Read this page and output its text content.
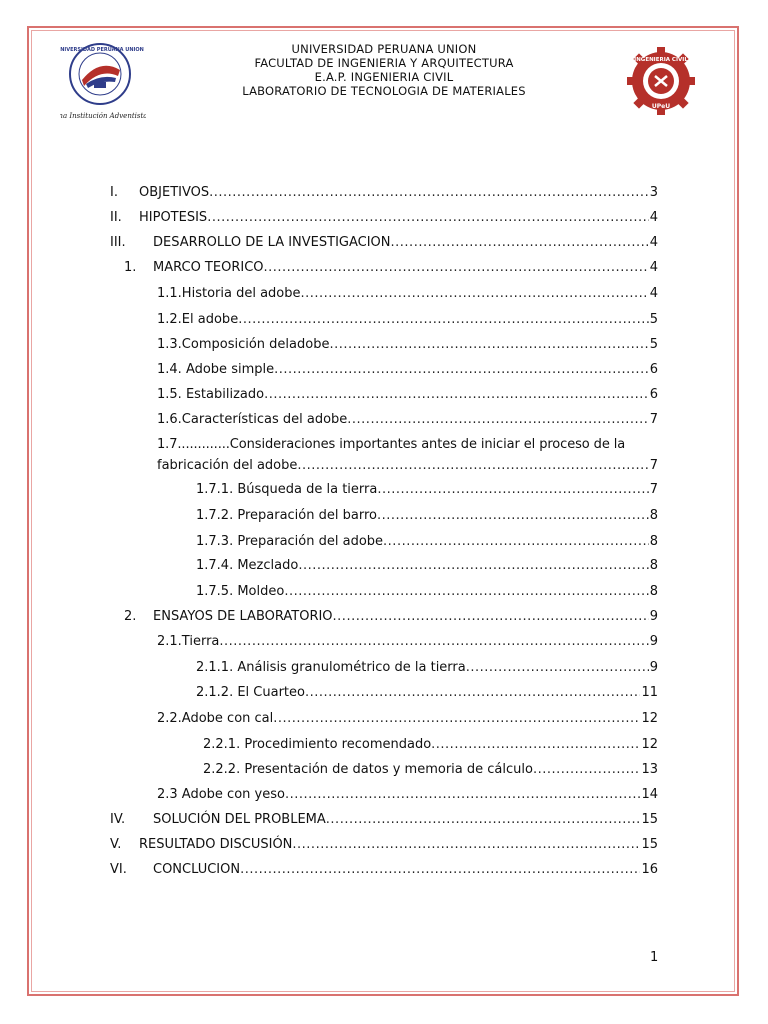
UNIVERSIDAD PERUANA UNION
Una Institución Adventista
INGENIERIA CIVIL
UPeU
UNIVERSIDAD PERUANA UNION
FACULTAD DE INGENIERIA Y ARQUITECTURA
E.A.P. INGENIERIA CIVIL
LABORATORIO DE TECNOLOGIA DE MATERIALES
I. OBJETIVOS .....	3
II. HIPOTESIS .....	4
III. DESARROLLO DE LA INVESTIGACION .....	4
1. MARCO TEORICO .....	4
1.1.Historia del adobe .....	4
1.2.El adobe .....	5
1.3.Composición deladobe .....	5
1.4. Adobe simple .....	6
1.5. Estabilizado .....	6
1.6.Características del adobe .....	7
1.7.............Consideraciones importantes antes de iniciar el proceso de la
fabricación del adobe .....	7
1.7.1. Búsqueda de la tierra .....	7
1.7.2. Preparación del barro .....	8
1.7.3. Preparación del adobe .....	8
1.7.4. Mezclado .....	8
1.7.5. Moldeo .....	8
2. ENSAYOS DE LABORATORIO .....	9
2.1.Tierra .....	9
2.1.1. Análisis granulométrico de la tierra .....	9
2.1.2. El Cuarteo .....	11
2.2.Adobe con cal .....	12
2.2.1. Procedimiento recomendado .....	12
2.2.2. Presentación de datos y memoria de cálculo .....	13
2.3 Adobe con yeso .....	14
IV. SOLUCIÓN DEL PROBLEMA .....	15
V. RESULTADO DISCUSIÓN .....	15
VI. CONCLUCION .....	16
1
